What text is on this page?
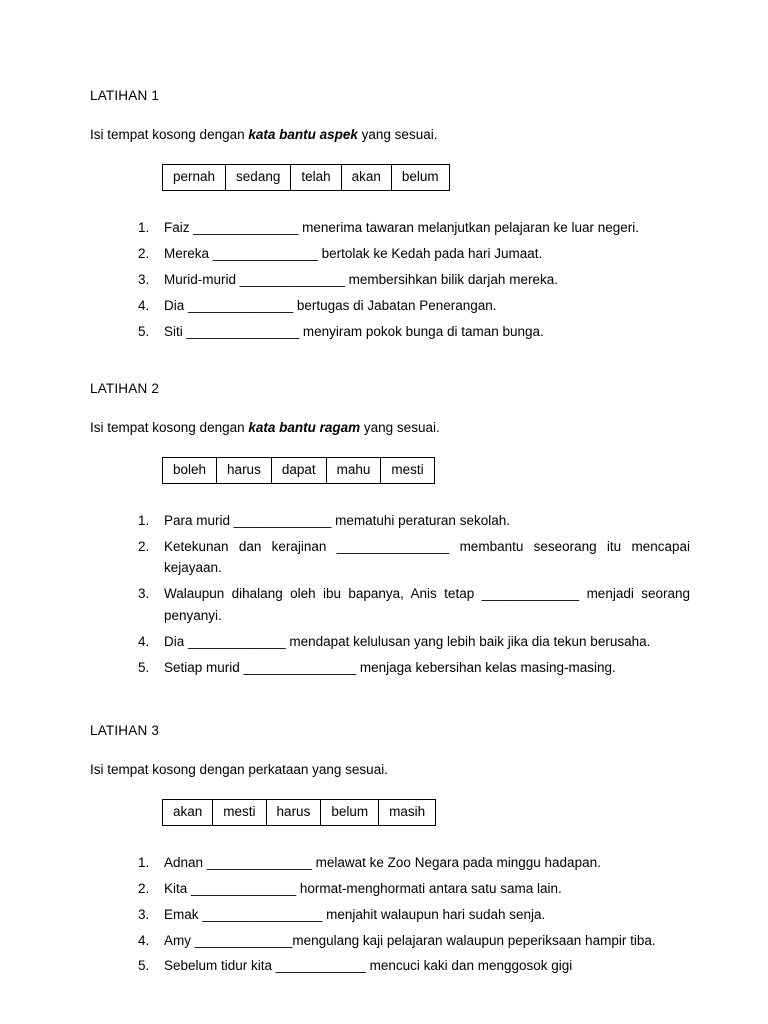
LATIHAN 1
Isi tempat kosong dengan kata bantu aspek yang sesuai.
pernah	sedang	telah	akan	belum
Faiz ______________ menerima tawaran melanjutkan pelajaran ke luar negeri.
Mereka ______________ bertolak ke Kedah pada hari Jumaat.
Murid-murid ______________ membersihkan bilik darjah mereka.
Dia ______________ bertugas di Jabatan Penerangan.
Siti _______________ menyiram pokok bunga di taman bunga.
LATIHAN 2
Isi tempat kosong dengan kata bantu ragam yang sesuai.
boleh	harus	dapat	mahu	mesti
Para murid _____________ mematuhi peraturan sekolah.
Ketekunan dan kerajinan _______________ membantu seseorang itu mencapai kejayaan.
Walaupun dihalang oleh ibu bapanya, Anis tetap _____________ menjadi seorang penyanyi.
Dia _____________ mendapat kelulusan yang lebih baik jika dia tekun berusaha.
Setiap murid _______________ menjaga kebersihan kelas masing-masing.
LATIHAN 3
Isi tempat kosong dengan perkataan yang sesuai.
akan	mesti	harus	belum	masih
Adnan ______________ melawat ke Zoo Negara pada minggu hadapan.
Kita ______________ hormat-menghormati antara satu sama lain.
Emak ________________ menjahit walaupun hari sudah senja.
Amy _____________mengulang kaji pelajaran walaupun peperiksaan hampir tiba.
Sebelum tidur kita ____________ mencuci kaki dan menggosok gigi
